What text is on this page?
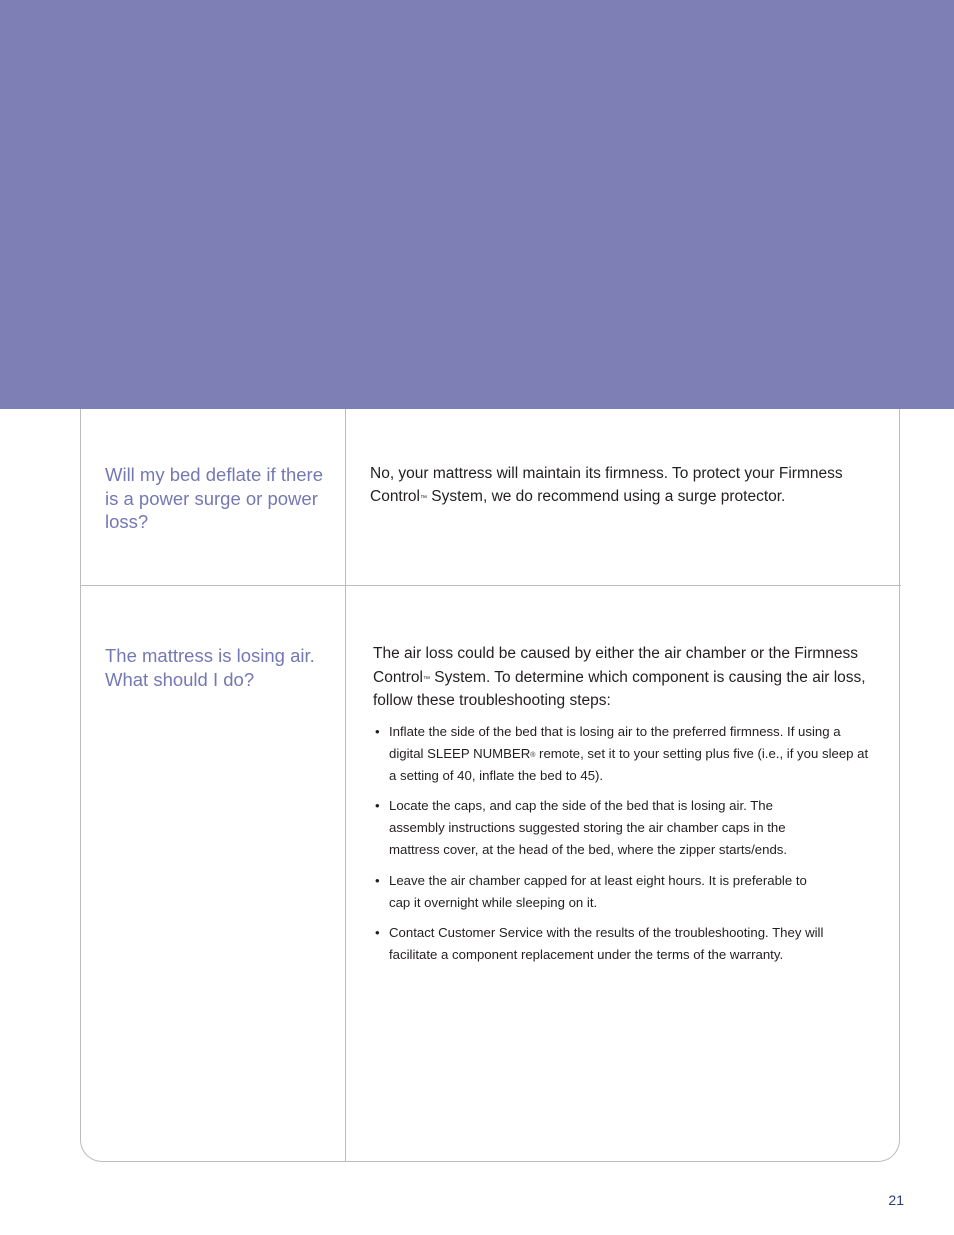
Will my bed deflate if there is a power surge or power loss?

No, your mattress will maintain its firmness. To protect your Firmness Control™ System, we do recommend using a surge protector.

The mattress is losing air. What should I do?

The air loss could be caused by either the air chamber or the Firmness Control™ System. To determine which component is causing the air loss, follow these troubleshooting steps:

• Inflate the side of the bed that is losing air to the preferred firmness. If using a digital SLEEP NUMBER® remote, set it to your setting plus five (i.e., if you sleep at a setting of 40, inflate the bed to 45).
• Locate the caps, and cap the side of the bed that is losing air. The assembly instructions suggested storing the air chamber caps in the mattress cover, at the head of the bed, where the zipper starts/ends.
• Leave the air chamber capped for at least eight hours. It is preferable to cap it overnight while sleeping on it.
• Contact Customer Service with the results of the troubleshooting. They will facilitate a component replacement under the terms of the warranty.
21
